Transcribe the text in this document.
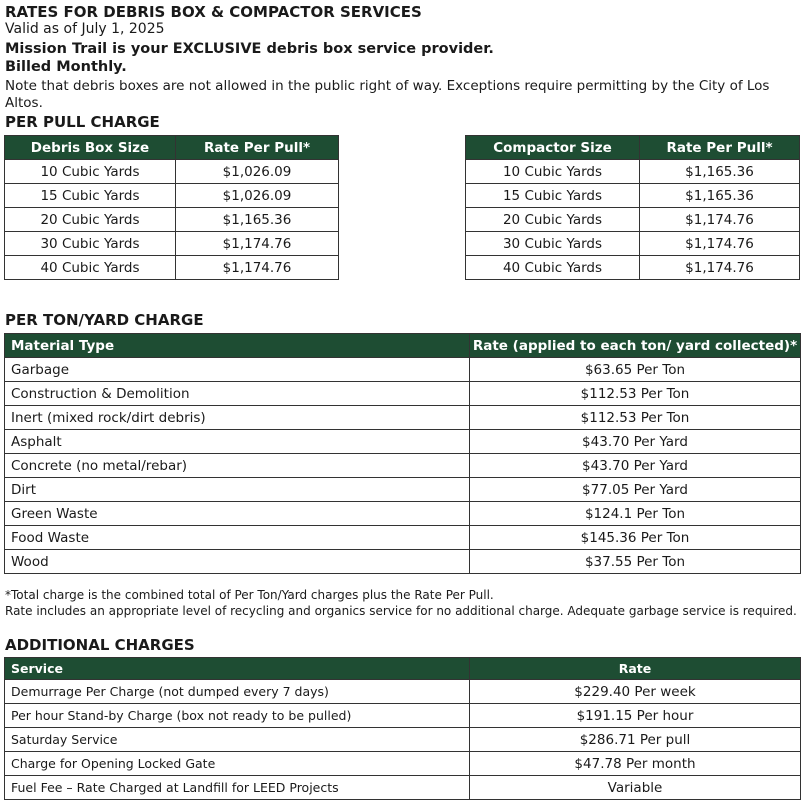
RATES FOR DEBRIS BOX & COMPACTOR SERVICES
Valid as of July 1, 2025
Mission Trail is your EXCLUSIVE debris box service provider.
Billed Monthly.
Note that debris boxes are not allowed in the public right of way. Exceptions require permitting by the City of Los Altos.
PER PULL CHARGE
Debris Box Size	Rate Per Pull*
10 Cubic Yards	$1,026.09
15 Cubic Yards	$1,026.09
20 Cubic Yards	$1,165.36
30 Cubic Yards	$1,174.76
40 Cubic Yards	$1,174.76
Compactor Size	Rate Per Pull*
10 Cubic Yards	$1,165.36
15 Cubic Yards	$1,165.36
20 Cubic Yards	$1,174.76
30 Cubic Yards	$1,174.76
40 Cubic Yards	$1,174.76
PER TON/YARD CHARGE
Material Type	Rate (applied to each ton/ yard collected)*
Garbage	$63.65 Per Ton
Construction & Demolition	$112.53 Per Ton
Inert (mixed rock/dirt debris)	$112.53 Per Ton
Asphalt	$43.70 Per Yard
Concrete (no metal/rebar)	$43.70 Per Yard
Dirt	$77.05 Per Yard
Green Waste	$124.1 Per Ton
Food Waste	$145.36 Per Ton
Wood	$37.55 Per Ton
*Total charge is the combined total of Per Ton/Yard charges plus the Rate Per Pull.
Rate includes an appropriate level of recycling and organics service for no additional charge. Adequate garbage service is required.
ADDITIONAL CHARGES
Service	Rate
Demurrage Per Charge (not dumped every 7 days)	$229.40 Per week
Per hour Stand-by Charge (box not ready to be pulled)	$191.15 Per hour
Saturday Service	$286.71 Per pull
Charge for Opening Locked Gate	$47.78 Per month
Fuel Fee – Rate Charged at Landfill for LEED Projects	Variable
